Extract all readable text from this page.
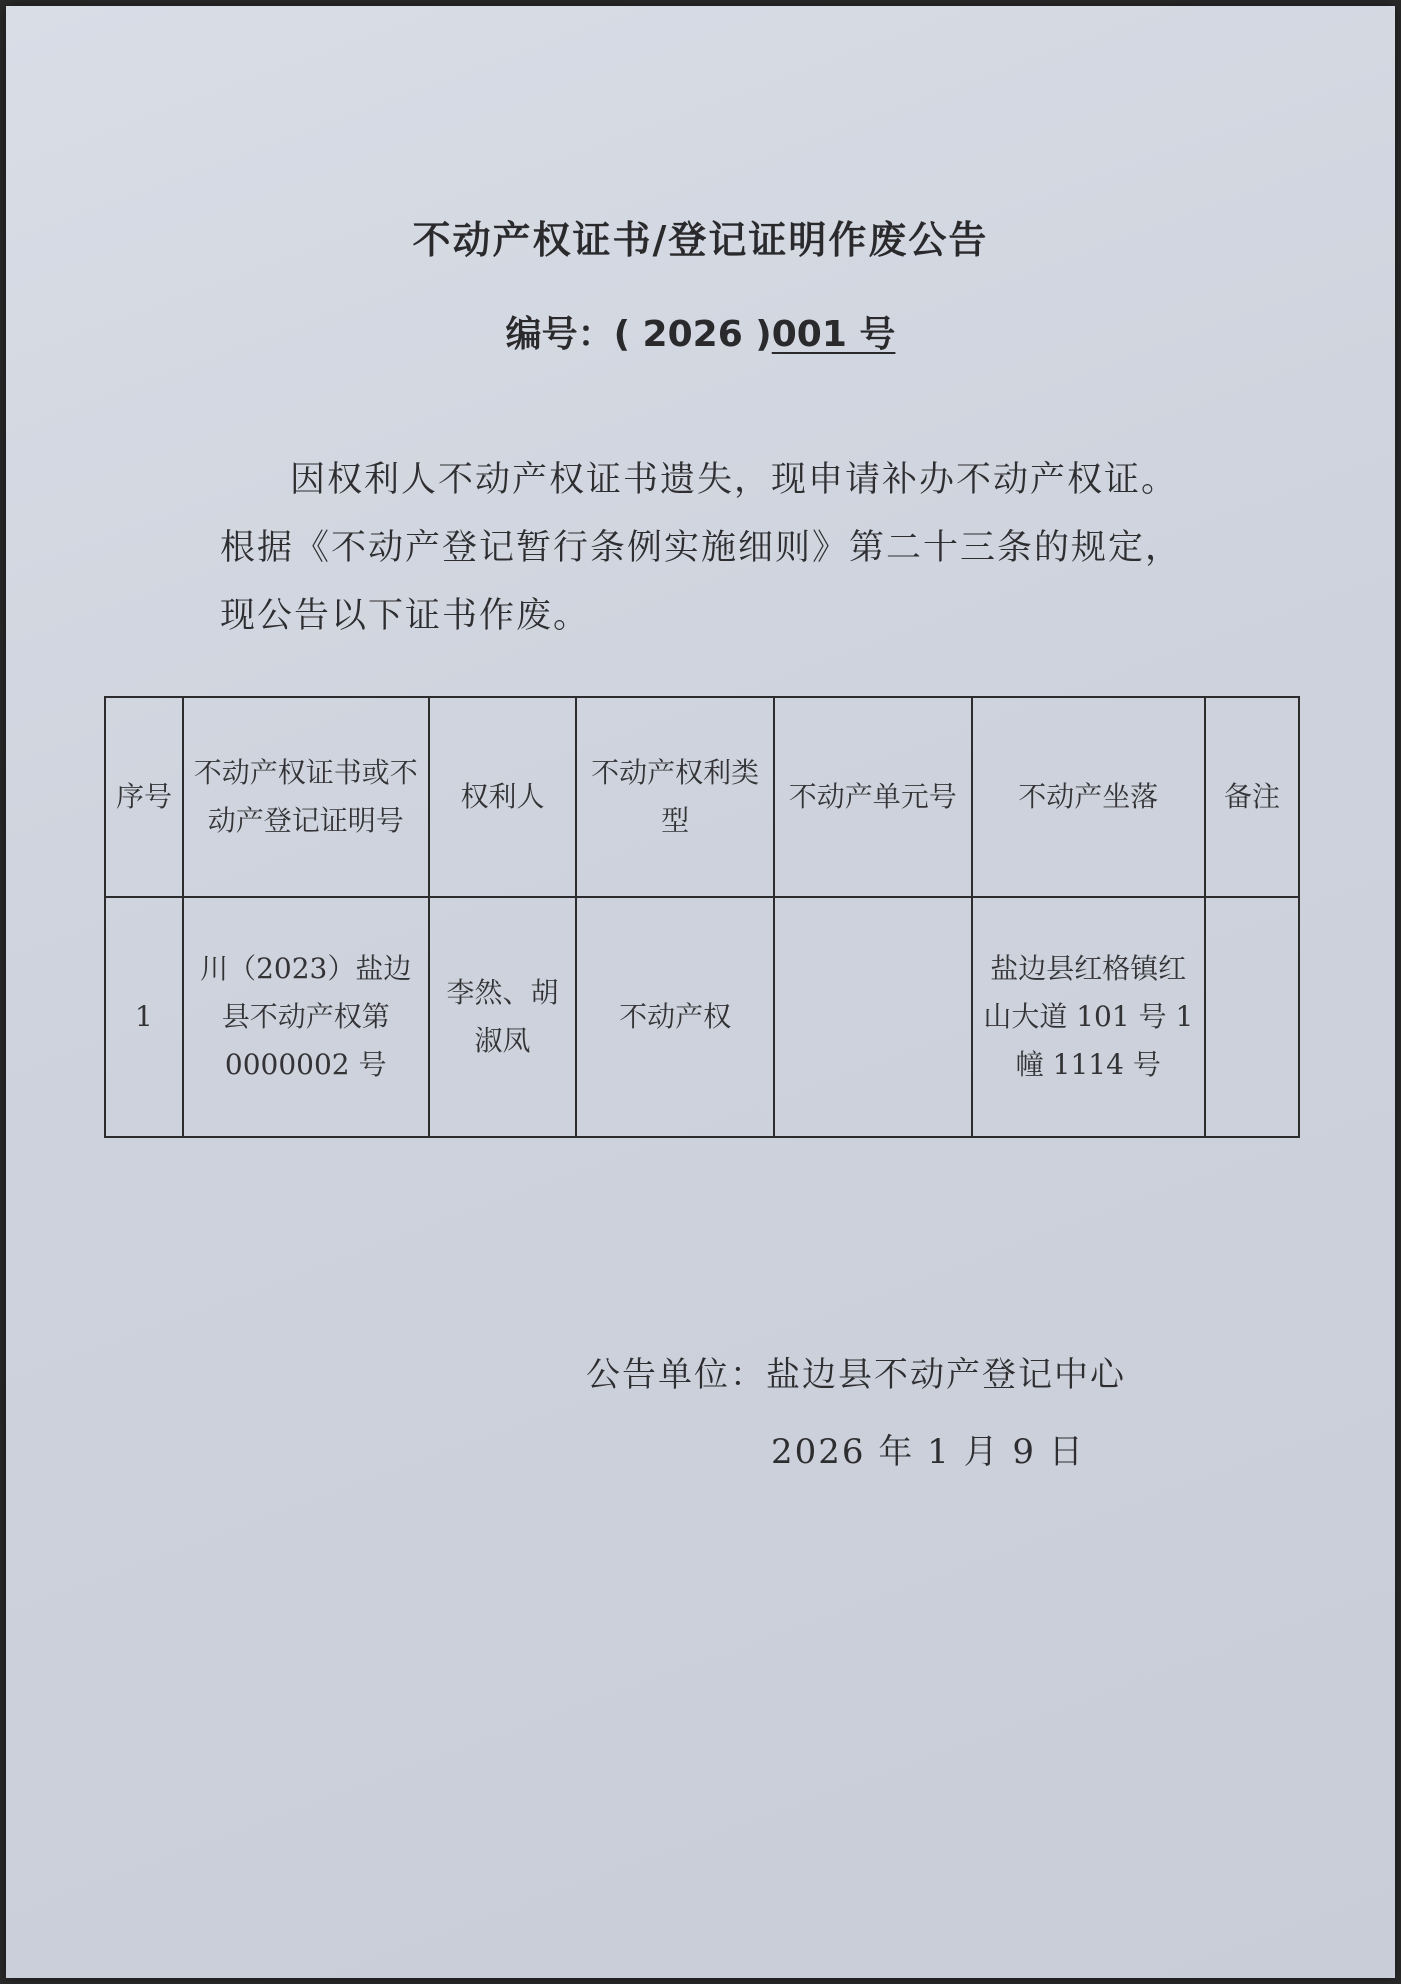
不动产权证书/登记证明作废公告
编号：( 2026 )001 号

因权利人不动产权证书遗失，现申请补办不动产权证。

根据《不动产登记暂行条例实施细则》第二十三条的规定，

现公告以下证书作废。

序号	不动产权证书或不动产登记证明号	权利人	不动产权利类　型	不动产单元号	不动产坐落	备注
1	川（2023）盐边县不动产权第0000002 号	李然、胡淑凤	不动产权		盐边县红格镇红山大道 101 号 1 幢 1114 号	
公告单位：盐边县不动产登记中心
2026 年 1 月 9 日
